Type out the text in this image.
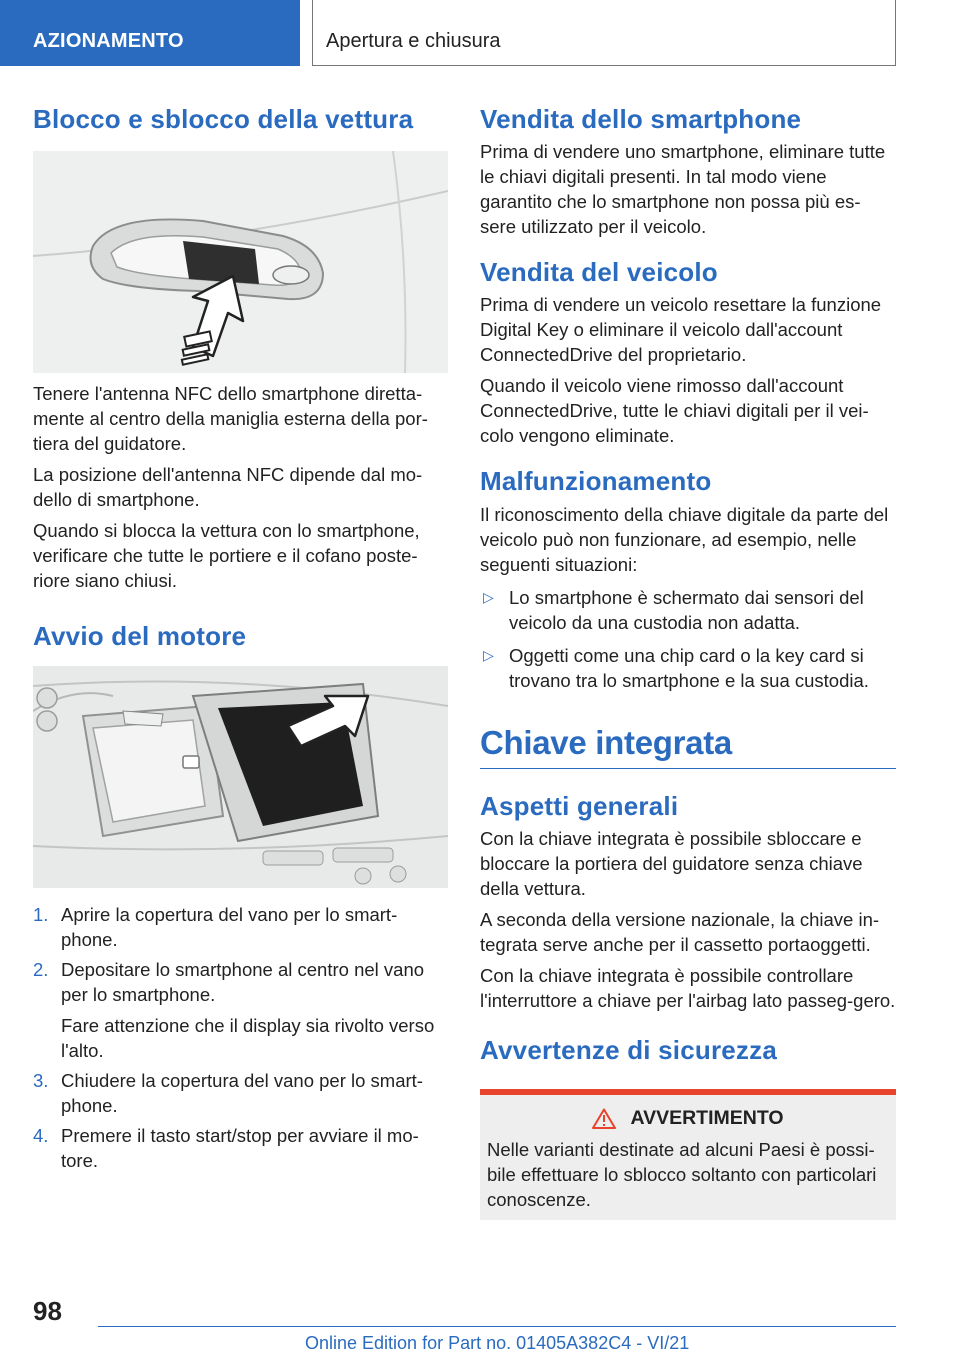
AZIONAMENTO	Apertura e chiusura
Blocco e sblocco della vettura

Tenere l'antenna NFC dello smartphone diretta-mente al centro della maniglia esterna della por-tiera del guidatore.

La posizione dell'antenna NFC dipende dal mo-dello di smartphone.

Quando si blocca la vettura con lo smartphone, verificare che tutte le portiere e il cofano poste-riore siano chiusi.

Avvio del motore
1. Aprire la copertura del vano per lo smart-phone.
2. Depositare lo smartphone al centro nel vano per lo smartphone.
Fare attenzione che il display sia rivolto verso l'alto.
3. Chiudere la copertura del vano per lo smart-phone.
4. Premere il tasto start/stop per avviare il mo-tore.
Vendita dello smartphone

Prima di vendere uno smartphone, eliminare tutte le chiavi digitali presenti. In tal modo viene garantito che lo smartphone non possa più es-sere utilizzato per il veicolo.

Vendita del veicolo

Prima di vendere un veicolo resettare la funzione Digital Key o eliminare il veicolo dall'account ConnectedDrive del proprietario.

Quando il veicolo viene rimosso dall'account ConnectedDrive, tutte le chiavi digitali per il vei-colo vengono eliminate.

Malfunzionamento

Il riconoscimento della chiave digitale da parte del veicolo può non funzionare, ad esempio, nelle seguenti situazioni:

▷ Lo smartphone è schermato dai sensori del veicolo da una custodia non adatta.
▷ Oggetti come una chip card o la key card si trovano tra lo smartphone e la sua custodia.
Chiave integrata
Aspetti generali

Con la chiave integrata è possibile sbloccare e bloccare la portiera del guidatore senza chiave della vettura.

A seconda della versione nazionale, la chiave in-tegrata serve anche per il cassetto portaoggetti.

Con la chiave integrata è possibile controllare l'interruttore a chiave per l'airbag lato passeg-gero.

Avvertenze di sicurezza
AVVERTIMENTO

Nelle varianti destinate ad alcuni Paesi è possi-bile effettuare lo sblocco soltanto con particolari conoscenze.

98
Online Edition for Part no. 01405A382C4 - VI/21
